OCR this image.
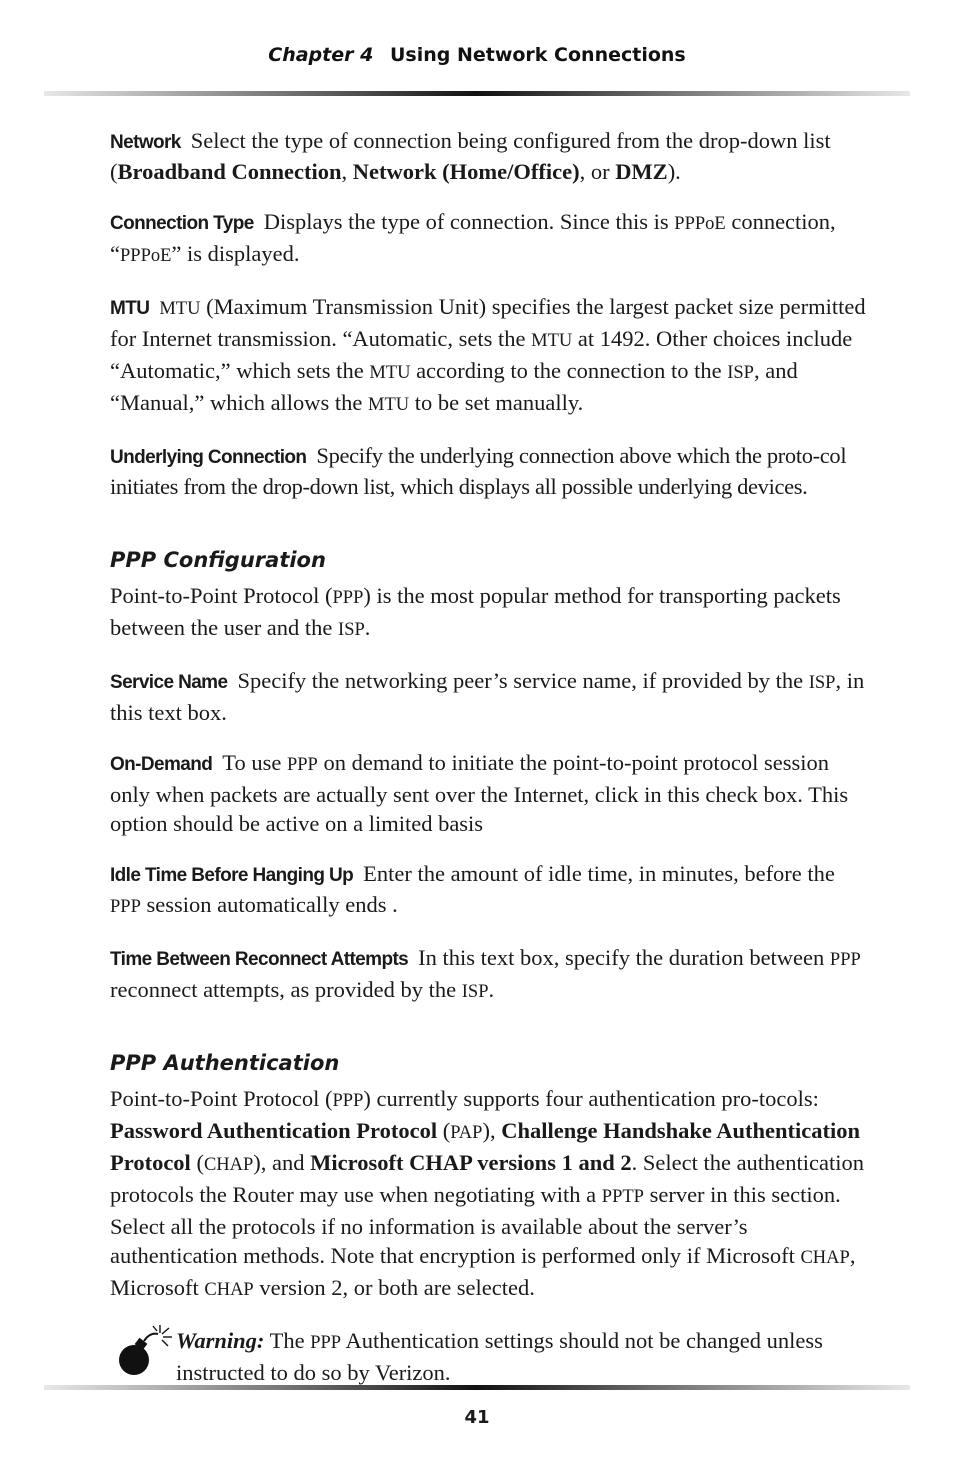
Chapter 4 Using Network Connections

Network Select the type of connection being configured from the drop-down list (Broadband Connection, Network (Home/Office), or DMZ).

Connection Type Displays the type of connection. Since this is PPPoE connection, “PPPoE” is displayed.

MTU MTU (Maximum Transmission Unit) specifies the largest packet size permitted for Internet transmission. “Automatic, sets the MTU at 1492. Other choices include “Automatic,” which sets the MTU according to the connection to the ISP, and “Manual,” which allows the MTU to be set manually.

Underlying Connection Specify the underlying connection above which the proto-col initiates from the drop-down list, which displays all possible underlying devices.

PPP Configuration

Point-to-Point Protocol (PPP) is the most popular method for transporting packets between the user and the ISP.

Service Name Specify the networking peer’s service name, if provided by the ISP, in this text box.

On-Demand To use PPP on demand to initiate the point-to-point protocol session only when packets are actually sent over the Internet, click in this check box. This option should be active on a limited basis

Idle Time Before Hanging Up Enter the amount of idle time, in minutes, before the PPP session automatically ends .

Time Between Reconnect Attempts In this text box, specify the duration between PPP reconnect attempts, as provided by the ISP.

PPP Authentication

Point-to-Point Protocol (PPP) currently supports four authentication pro-tocols: Password Authentication Protocol (PAP), Challenge Handshake Authentication Protocol (CHAP), and Microsoft CHAP versions 1 and 2. Select the authentication protocols the Router may use when negotiating with a PPTP server in this section. Select all the protocols if no information is available about the server’s authentication methods. Note that encryption is performed only if Microsoft CHAP, Microsoft CHAP version 2, or both are selected.

Warning: The PPP Authentication settings should not be changed unless instructed to do so by Verizon.
41
